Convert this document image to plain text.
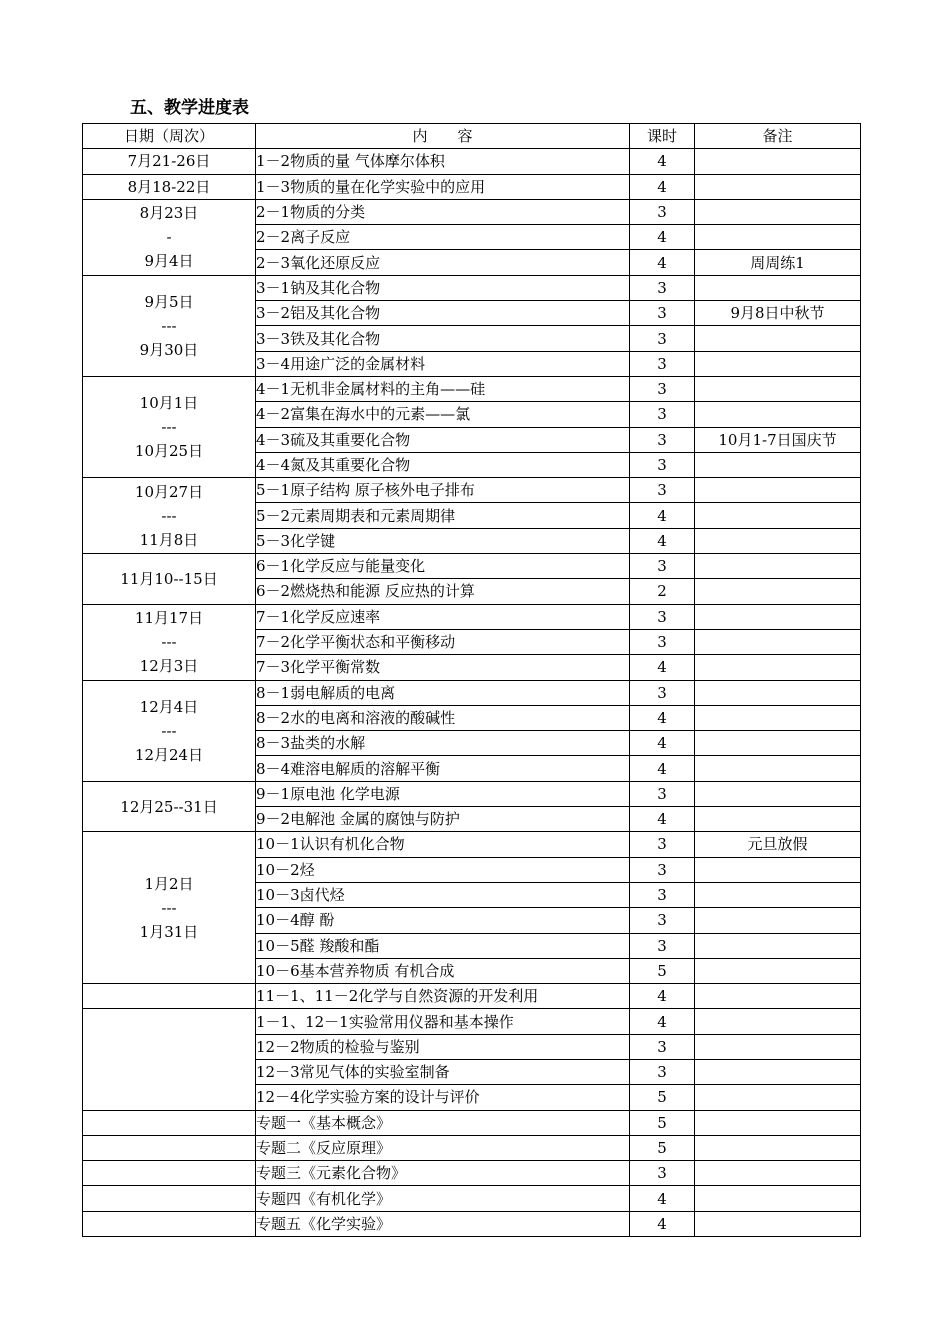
五、教学进度表
日期（周次）	内　　容	课时	备注

7月21-26日	1－2物质的量 气体摩尔体积	4	

8月18-22日	1－3物质的量在化学实验中的应用	4	

8月23日
-
9月4日	2－1物质的分类	3	
	2－2离子反应	4	
	2－3氧化还原反应	4	周周练1

9月5日
---
9月30日	3－1钠及其化合物	3	
	3－2铝及其化合物	3	9月8日中秋节
	3－3铁及其化合物	3	
	3－4用途广泛的金属材料	3	

10月1日
---
10月25日	4－1无机非金属材料的主角——硅	3	
	4－2富集在海水中的元素——氯	3	
	4－3硫及其重要化合物	3	10月1-7日国庆节
	4－4氮及其重要化合物	3	

10月27日
---
11月8日	5－1原子结构 原子核外电子排布	3	
	5－2元素周期表和元素周期律	4	
	5－3化学键	4	

11月10--15日	6－1化学反应与能量变化	3	
	6－2燃烧热和能源 反应热的计算	2	

11月17日
---
12月3日	7－1化学反应速率	3	
	7－2化学平衡状态和平衡移动	3	
	7－3化学平衡常数	4	

12月4日
---
12月24日	8－1弱电解质的电离	3	
	8－2水的电离和溶液的酸碱性	4	
	8－3盐类的水解	4	
	8－4难溶电解质的溶解平衡	4	

12月25--31日	9－1原电池 化学电源	3	
	9－2电解池 金属的腐蚀与防护	4	

1月2日
---
1月31日	10－1认识有机化合物	3	元旦放假
	10－2烃	3	
	10－3卤代烃	3	
	10－4醇 酚	3	
	10－5醛 羧酸和酯	3	
	10－6基本营养物质 有机合成	5	
	11－1、11－2化学与自然资源的开发利用	4	
	1－1、12－1实验常用仪器和基本操作	4	
	12－2物质的检验与鉴别	3	
	12－3常见气体的实验室制备	3	
	12－4化学实验方案的设计与评价	5	
	专题一《基本概念》	5	
	专题二《反应原理》	5	
	专题三《元素化合物》	3	
	专题四《有机化学》	4	
	专题五《化学实验》	4	
